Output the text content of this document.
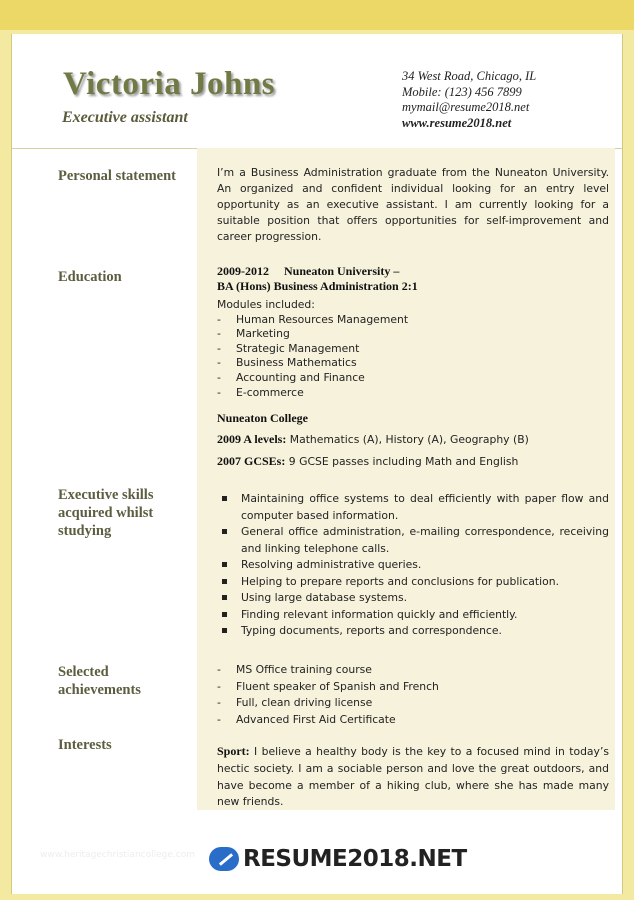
Victoria Johns
Executive assistant
34 West Road, Chicago, IL
Mobile: (123) 456 7899
mymail@resume2018.net
www.resume2018.net
Personal statement	I’m a Business Administration graduate from the Nuneaton University. An organized and confident individual looking for an entry level opportunity as an executive assistant. I am currently looking for a suitable position that offers opportunities for self-improvement and career progression.
Education	2009-2012     Nuneaton University –
BA (Hons) Business Administration 2:1
Modules included:
- Human Resources Management
- Marketing
- Strategic Management
- Business Mathematics
- Accounting and Finance
- E-commerce
Nuneaton College
2009 A levels: Mathematics (A), History (A), Geography (B)
2007 GCSEs: 9 GCSE passes including Math and English
Executive skills
acquired whilst
studying
Maintaining office systems to deal efficiently with paper flow and computer based information.
General office administration, e-mailing correspondence, receiving and linking telephone calls.
Resolving administrative queries.
Helping to prepare reports and conclusions for publication.
Using large database systems.
Finding relevant information quickly and efficiently.
Typing documents, reports and correspondence.
Selected
achievements
- MS Office training course
- Fluent speaker of Spanish and French
- Full, clean driving license
- Advanced First Aid Certificate
Interests	Sport: I believe a healthy body is the key to a focused mind in today’s hectic society. I am a sociable person and love the great outdoors, and have become a member of a hiking club, where she has made many new friends.
www.heritagechristiancollege.com RESUME2018.NET
